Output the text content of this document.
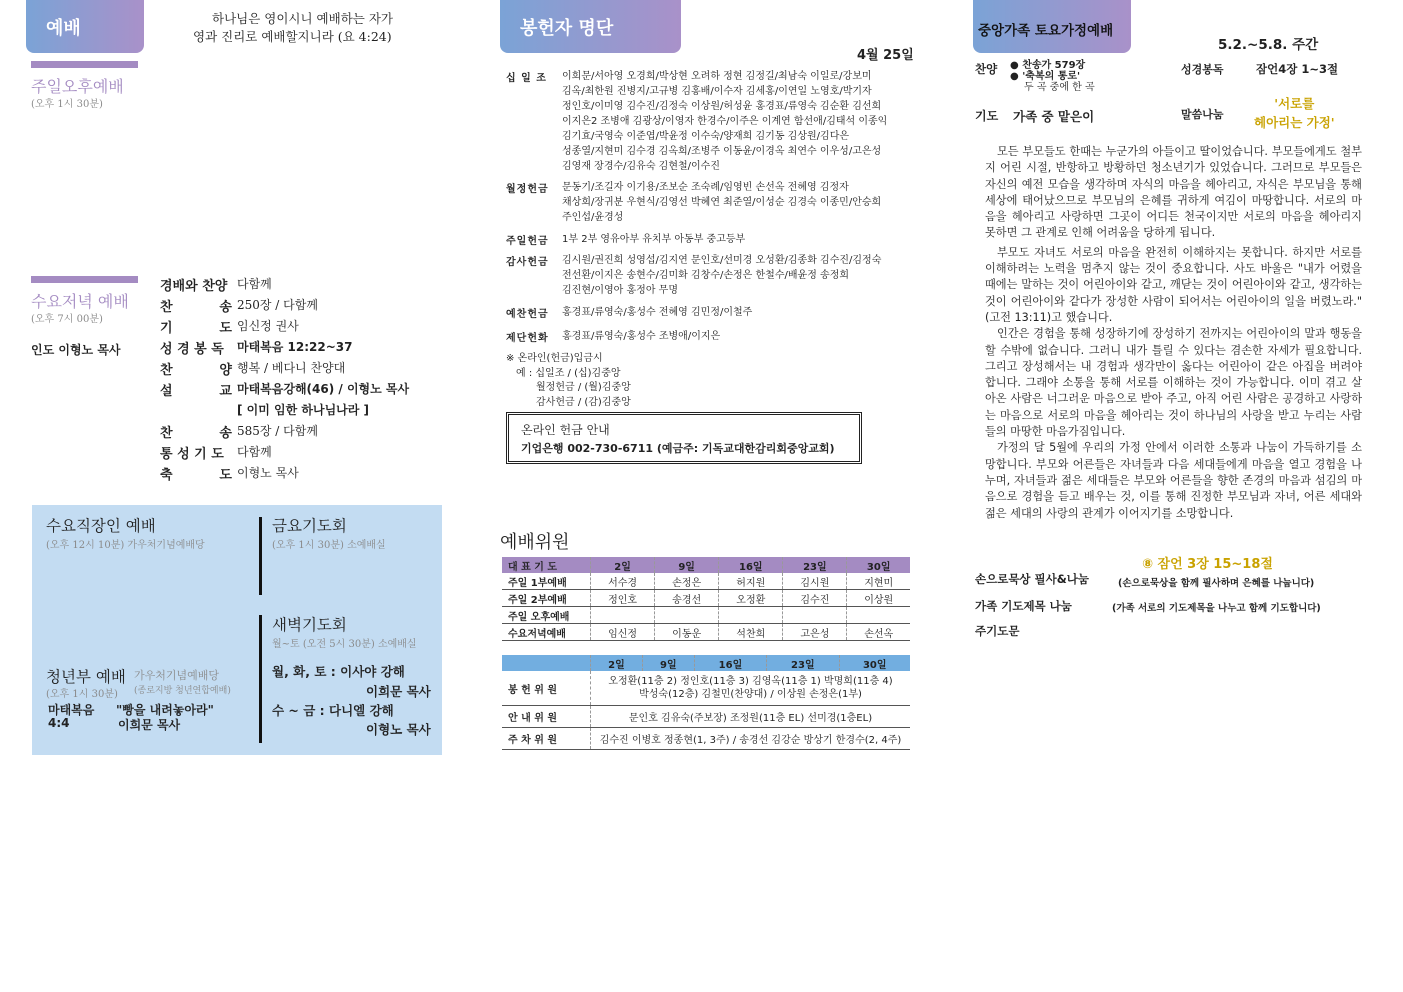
예배	하나님은 영이시니 예배하는 자가
영과 진리로 예배할지니라 (요 4:24)
주일오후예배
(오후 1시 30분)
수요저녁 예배
(오후 7시 00분)
인도 이형노 목사
경배와 찬양 다함께
찬 송 250장 / 다함께
기 도 임신정 권사
성 경 봉 독	마태복음 12:22~37
찬 양 행복 / 베다니 찬양대
설 교 마태복음강해(46) / 이형노 목사
[ 이미 임한 하나님나라 ]
찬 송 585장 / 다함께
통 성 기 도	다함께
축 도 이형노 목사
수요직장인 예배
(오후 12시 10분) 가우처기념예배당
금요기도회
(오후 1시 30분) 소예배실
새벽기도회
월~토 (오전 5시 30분) 소예배실
월, 화, 토 : 이사야 강해
이희문 목사
수 ~ 금 : 다니엘 강해
이형노 목사
청년부 예배 가우처기념예배당
(종로지방 청년연합예배)
(오후 1시 30분)
마태복음
4:4
"빵을 내려놓아라"
이희문 목사
봉헌자 명단
4월 25일
십 일 조	이희문/서아영 오경희/박상현 오려하 정현 김정길/최남숙 이일로/강보미
김옥/최한원 진병지/고규병 김홍배/이수자 김세홍/이연일 노영호/박기자
정인호/이미영 김수진/김정숙 이상원/허성윤 홍경표/류영숙 김순환 김선희
이지은2 조병애 김광상/이영자 한경수/이주은 이계연 함선애/김태석 이종익
김기효/국영숙 이준엽/박윤정 이수숙/양재희 김기동 김상원/김다은
성종열/지현미 김수경 김옥희/조병주 이동윤/이경옥 최연수 이우성/고은성
김영재 장경수/김유숙 김현철/이수진
월정헌금	문동기/조길자 이기용/조보순 조숙례/임영빈 손선옥 전혜영 김정자
채상희/장귀분 우현식/김영선 박혜연 최준열/이성순 김경숙 이종민/안승희
주인섭/윤경성
주일헌금	1부 2부 영유아부 유치부 아동부 중고등부
감사헌금	김시원/권진희 성영섭/김지연 문인호/선미경 오성환/김종화 김수진/김정숙
전선환/이지은 송현수/김미화 김창수/손정은 한철수/배윤정 송정희
김진현/이영아 홍정아 무명
예찬헌금	홍경표/류영숙/홍성수 전혜영 김민정/이철주
제단헌화	홍경표/류영숙/홍성수 조병애/이지은
※ 온라인(헌금)입금시
예 : 십일조 / (십)김중앙
월정헌금 / (월)김중앙
감사헌금 / (감)김중앙
온라인 헌금 안내
기업은행 002-730-6711 (예금주: 기독교대한감리회중앙교회)
예배위원
대 표 기 도	2일	9일	16일	23일	30일
주일 1부예배	서수경	손정은	허지원	김시원	지현미
주일 2부예배	정인호	송경선	오정환	김수진	이상원
주일 오후예배					
수요저녁예배	임신정	이동운	석찬희	고은성	손선옥
	2일	9일	16일	23일	30일
봉 헌 위 원	오정환(11층 2) 정인호(11층 3) 김영옥(11층 1) 박명희(11층 4)
박성숙(12층) 김철민(찬양대) / 이상원 손정은(1부)				

안 내 위 원	문인호 김유숙(주보장) 조정원(11층 EL) 선미경(1층EL)				
주 차 위 원	김수진 이병호 정종현(1, 3주) / 송경선 김강순 방상기 한경수(2, 4주)				
중앙가족 토요가정예배
5.2.~5.8. 주간
찬양 ● 찬송가 579장
● '축복의 통로'
두 곡 중에 한 곡
성경봉독	잠언4장 1~3절
기도 가족 중 맡은이	말씀나눔
'서로를
헤아리는 가정'
모든 부모들도 한때는 누군가의 아들이고 딸이었습니다. 부모들에게도 철부지 어린 시절, 반항하고 방황하던 청소년기가 있었습니다. 그러므로 부모들은 자신의 예전 모습을 생각하며 자식의 마음을 헤아리고, 자식은 부모님을 통해 세상에 태어났으므로 부모님의 은혜를 귀하게 여김이 마땅합니다. 서로의 마음을 헤아리고 사랑하면 그곳이 어디든 천국이지만 서로의 마음을 헤아리지 못하면 그 관계로 인해 어려움을 당하게 됩니다.
부모도 자녀도 서로의 마음을 완전히 이해하지는 못합니다. 하지만 서로를 이해하려는 노력을 멈추지 않는 것이 중요합니다. 사도 바울은 "내가 어렸을 때에는 말하는 것이 어린아이와 같고, 깨닫는 것이 어린아이와 같고, 생각하는 것이 어린아이와 같다가 장성한 사람이 되어서는 어린아이의 일을 버렸노라."(고전 13:11)고 했습니다.
인간은 경험을 통해 성장하기에 장성하기 전까지는 어린아이의 말과 행동을 할 수밖에 없습니다. 그러니 내가 틀릴 수 있다는 겸손한 자세가 필요합니다. 그리고 장성해서는 내 경험과 생각만이 옳다는 어린아이 같은 아집을 버려야 합니다. 그래야 소통을 통해 서로를 이해하는 것이 가능합니다. 이미 겪고 살아온 사람은 너그러운 마음으로 받아 주고, 아직 어린 사람은 공경하고 사랑하는 마음으로 서로의 마음을 헤아리는 것이 하나님의 사랑을 받고 누리는 사람들의 마땅한 마음가짐입니다.
가정의 달 5월에 우리의 가정 안에서 이러한 소통과 나눔이 가득하기를 소망합니다. 부모와 어른들은 자녀들과 다음 세대들에게 마음을 열고 경험을 나누며, 자녀들과 젊은 세대들은 부모와 어른들을 향한 존경의 마음과 섬김의 마음으로 경험을 듣고 배우는 것, 이를 통해 진정한 부모님과 자녀, 어른 세대와 젊은 세대의 사랑의 관계가 이어지기를 소망합니다.
⑧ 잠언 3장 15~18절
손으로묵상 필사&나눔	(손으로묵상을 함께 필사하며 은혜를 나눕니다)
가족 기도제목 나눔	(가족 서로의 기도제목을 나누고 함께 기도합니다)
주기도문
